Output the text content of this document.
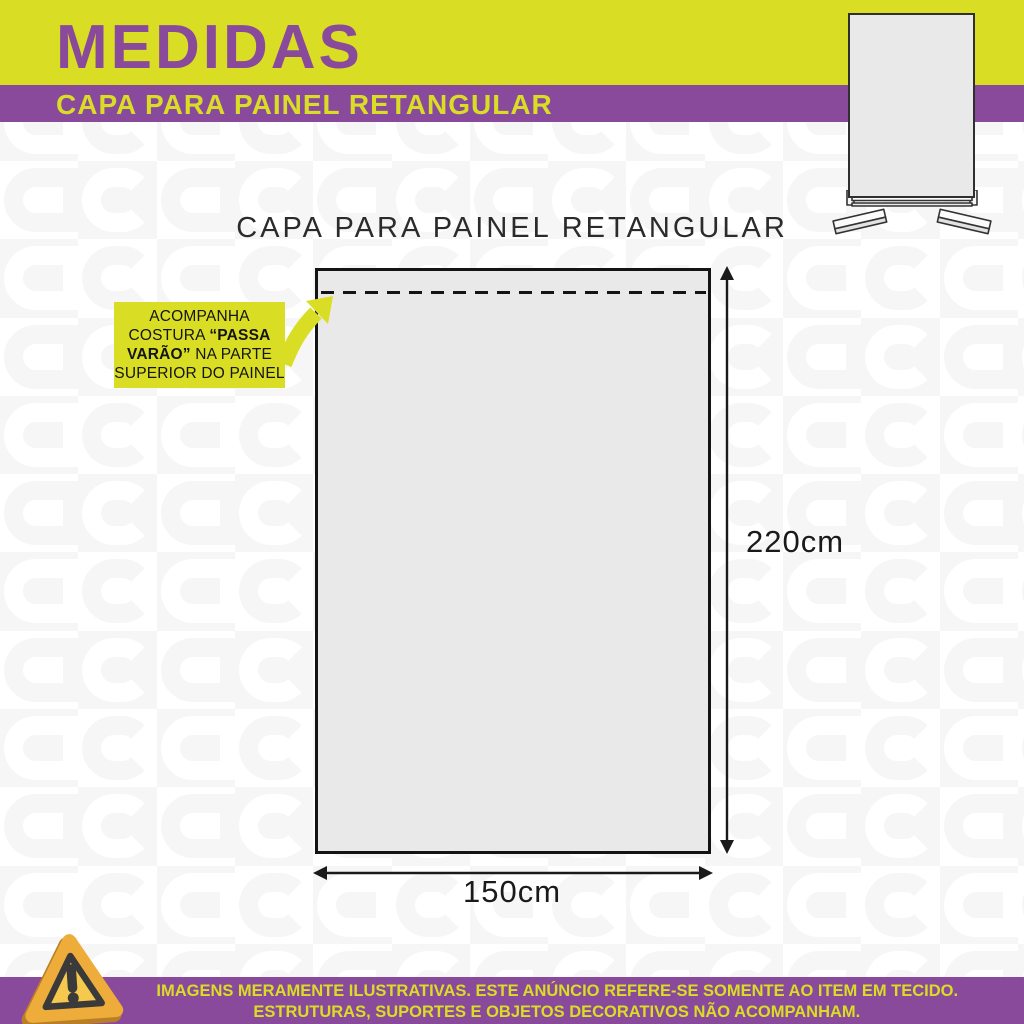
MEDIDAS
CAPA PARA PAINEL RETANGULAR
CAPA PARA PAINEL RETANGULAR
ACOMPANHA
COSTURA “PASSA
VARÃO” NA PARTE
SUPERIOR DO PAINEL
220cm
150cm

IMAGENS MERAMENTE ILUSTRATIVAS. ESTE ANÚNCIO REFERE-SE SOMENTE AO ITEM EM TECIDO.

ESTRUTURAS, SUPORTES E OBJETOS DECORATIVOS NÃO ACOMPANHAM.
